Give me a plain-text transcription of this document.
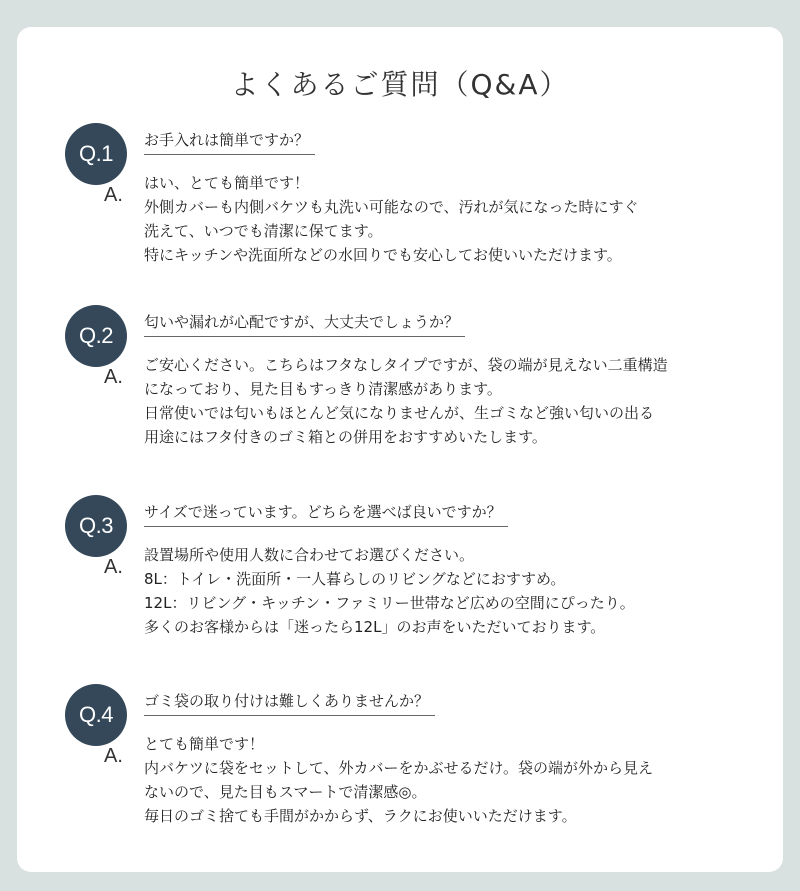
よくあるご質問（Q&A）
Q.1
お手入れは簡単ですか？
A.
はい、とても簡単です！
外側カバーも内側バケツも丸洗い可能なので、汚れが気になった時にすぐ
洗えて、いつでも清潔に保てます。
特にキッチンや洗面所などの水回りでも安心してお使いいただけます。
Q.2
匂いや漏れが心配ですが、大丈夫でしょうか？
A.
ご安心ください。こちらはフタなしタイプですが、袋の端が見えない二重構造
になっており、見た目もすっきり清潔感があります。
日常使いでは匂いもほとんど気になりませんが、生ゴミなど強い匂いの出る
用途にはフタ付きのゴミ箱との併用をおすすめいたします。
Q.3
サイズで迷っています。どちらを選べば良いですか？
A.
設置場所や使用人数に合わせてお選びください。
8L：トイレ・洗面所・一人暮らしのリビングなどにおすすめ。
12L：リビング・キッチン・ファミリー世帯など広めの空間にぴったり。
多くのお客様からは「迷ったら12L」のお声をいただいております。
Q.4
ゴミ袋の取り付けは難しくありませんか？
A.
とても簡単です！
内バケツに袋をセットして、外カバーをかぶせるだけ。袋の端が外から見え
ないので、見た目もスマートで清潔感◎。
毎日のゴミ捨ても手間がかからず、ラクにお使いいただけます。
